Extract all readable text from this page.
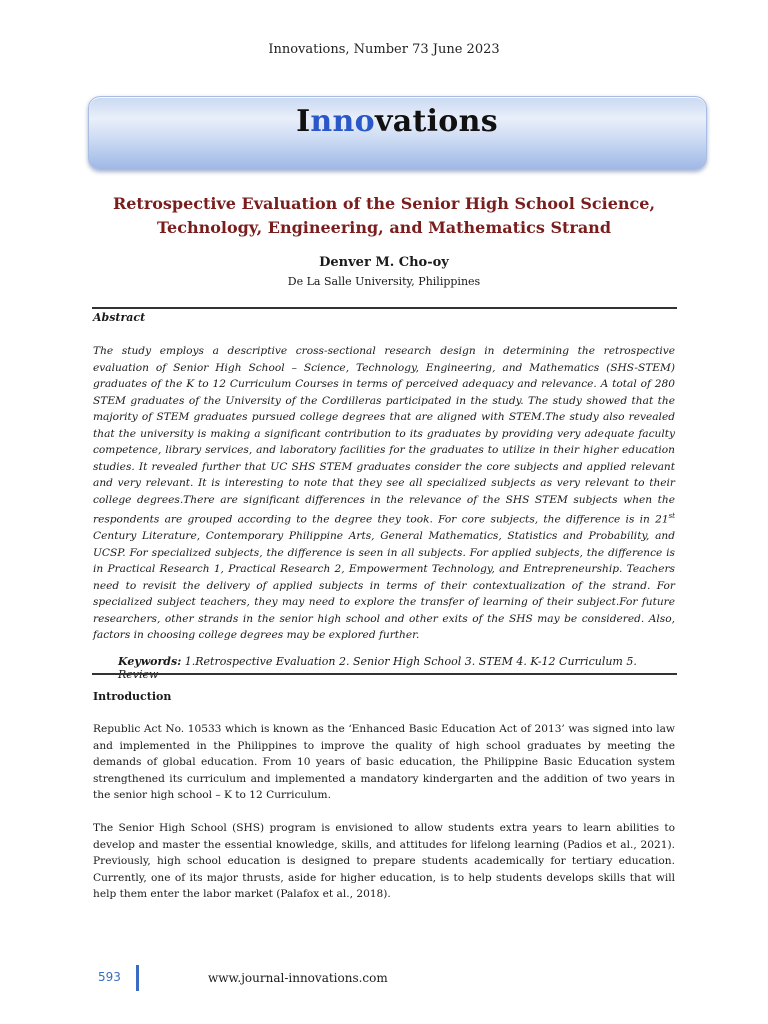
Innovations, Number 73 June 2023
Innovations
Retrospective Evaluation of the Senior High School Science,
Technology, Engineering, and Mathematics Strand
Denver M. Cho-oy
De La Salle University, Philippines
Abstract
The study employs a descriptive cross-sectional research design in determining the retrospective evaluation of Senior High School – Science, Technology, Engineering, and Mathematics (SHS-STEM) graduates of the K to 12 Curriculum Courses in terms of perceived adequacy and relevance. A total of 280 STEM graduates of the University of the Cordilleras participated in the study. The study showed that the majority of STEM graduates pursued college degrees that are aligned with STEM.The study also revealed that the university is making a significant contribution to its graduates by providing very adequate faculty competence, library services, and laboratory facilities for the graduates to utilize in their higher education studies. It revealed further that UC SHS STEM graduates consider the core subjects and applied relevant and very relevant. It is interesting to note that they see all specialized subjects as very relevant to their college degrees.There are significant differences in the relevance of the SHS STEM subjects when the respondents are grouped according to the degree they took. For core subjects, the difference is in 21st Century Literature, Contemporary Philippine Arts, General Mathematics, Statistics and Probability, and UCSP. For specialized subjects, the difference is seen in all subjects. For applied subjects, the difference is in Practical Research 1, Practical Research 2, Empowerment Technology, and Entrepreneurship. Teachers need to revisit the delivery of applied subjects in terms of their contextualization of the strand. For specialized subject teachers, they may need to explore the transfer of learning of their subject.For future researchers, other strands in the senior high school and other exits of the SHS may be considered. Also, factors in choosing college degrees may be explored further.
Keywords: 1.Retrospective Evaluation 2. Senior High School 3. STEM 4. K-12 Curriculum 5. Review
Introduction
Republic Act No. 10533 which is known as the ‘Enhanced Basic Education Act of 2013’ was signed into law and implemented in the Philippines to improve the quality of high school graduates by meeting the demands of global education. From 10 years of basic education, the Philippine Basic Education system strengthened its curriculum and implemented a mandatory kindergarten and the addition of two years in the senior high school – K to 12 Curriculum.
The Senior High School (SHS) program is envisioned to allow students extra years to learn abilities to develop and master the essential knowledge, skills, and attitudes for lifelong learning (Padios et al., 2021). Previously, high school education is designed to prepare students academically for tertiary education. Currently, one of its major thrusts, aside for higher education, is to help students develops skills that will help them enter the labor market (Palafox et al., 2018).
593	www.journal-innovations.com
